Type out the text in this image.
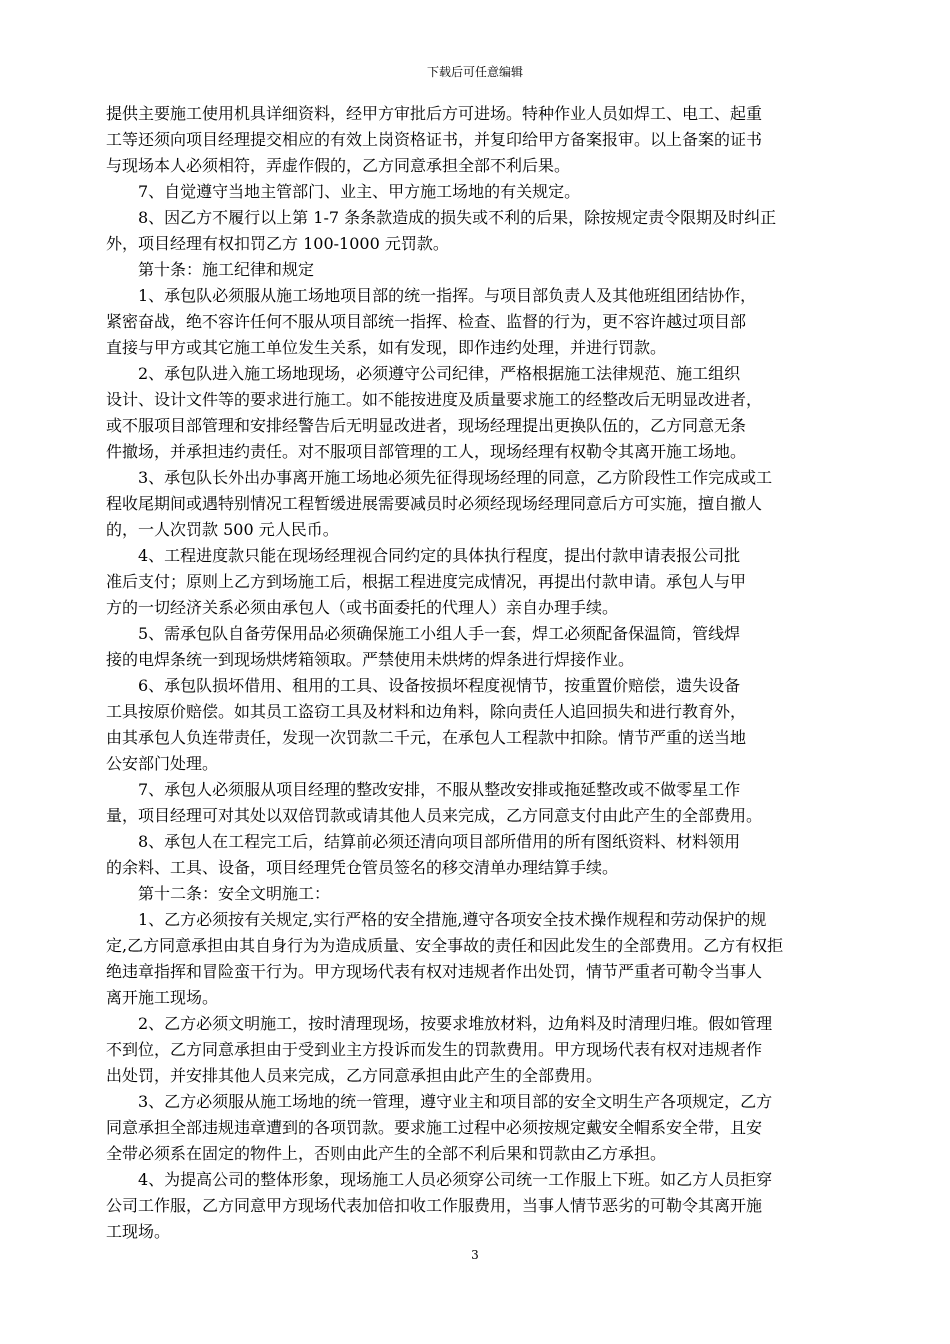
下载后可任意编辑
提供主要施工使用机具详细资料，经甲方审批后方可进场。特种作业人员如焊工、电工、起重
工等还须向项目经理提交相应的有效上岗资格证书，并复印给甲方备案报审。以上备案的证书
与现场本人必须相符，弄虚作假的，乙方同意承担全部不利后果。
　　7、自觉遵守当地主管部门、业主、甲方施工场地的有关规定。
　　8、因乙方不履行以上第 1-7 条条款造成的损失或不利的后果，除按规定责令限期及时纠正
外，项目经理有权扣罚乙方 100-1000 元罚款。
　　第十条：施工纪律和规定
　　1、承包队必须服从施工场地项目部的统一指挥。与项目部负责人及其他班组团结协作，
紧密奋战，绝不容许任何不服从项目部统一指挥、检查、监督的行为，更不容许越过项目部
直接与甲方或其它施工单位发生关系，如有发现，即作违约处理，并进行罚款。
　　2、承包队进入施工场地现场，必须遵守公司纪律，严格根据施工法律规范、施工组织
设计、设计文件等的要求进行施工。如不能按进度及质量要求施工的经整改后无明显改进者，
或不服项目部管理和安排经警告后无明显改进者，现场经理提出更换队伍的，乙方同意无条
件撤场，并承担违约责任。对不服项目部管理的工人，现场经理有权勒令其离开施工场地。
　　3、承包队长外出办事离开施工场地必须先征得现场经理的同意，乙方阶段性工作完成或工
程收尾期间或遇特别情况工程暂缓进展需要减员时必须经现场经理同意后方可实施，擅自撤人
的，一人次罚款 500 元人民币。
　　4、工程进度款只能在现场经理视合同约定的具体执行程度，提出付款申请表报公司批
准后支付；原则上乙方到场施工后，根据工程进度完成情况，再提出付款申请。承包人与甲
方的一切经济关系必须由承包人（或书面委托的代理人）亲自办理手续。
　　5、需承包队自备劳保用品必须确保施工小组人手一套，焊工必须配备保温筒，管线焊
接的电焊条统一到现场烘烤箱领取。严禁使用未烘烤的焊条进行焊接作业。
　　6、承包队损坏借用、租用的工具、设备按损坏程度视情节，按重置价赔偿，遗失设备
工具按原价赔偿。如其员工盗窃工具及材料和边角料，除向责任人追回损失和进行教育外，
由其承包人负连带责任，发现一次罚款二千元，在承包人工程款中扣除。情节严重的送当地
公安部门处理。
　　7、承包人必须服从项目经理的整改安排，不服从整改安排或拖延整改或不做零星工作
量，项目经理可对其处以双倍罚款或请其他人员来完成，乙方同意支付由此产生的全部费用。
　　8、承包人在工程完工后，结算前必须还清向项目部所借用的所有图纸资料、材料领用
的余料、工具、设备，项目经理凭仓管员签名的移交清单办理结算手续。
　　第十二条：安全文明施工：
　　1、乙方必须按有关规定,实行严格的安全措施,遵守各项安全技术操作规程和劳动保护的规
定,乙方同意承担由其自身行为为造成质量、安全事故的责任和因此发生的全部费用。乙方有权拒
绝违章指挥和冒险蛮干行为。甲方现场代表有权对违规者作出处罚，情节严重者可勒令当事人
离开施工现场。
　　2、乙方必须文明施工，按时清理现场，按要求堆放材料，边角料及时清理归堆。假如管理
不到位，乙方同意承担由于受到业主方投诉而发生的罚款费用。甲方现场代表有权对违规者作
出处罚，并安排其他人员来完成，乙方同意承担由此产生的全部费用。
　　3、乙方必须服从施工场地的统一管理，遵守业主和项目部的安全文明生产各项规定，乙方
同意承担全部违规违章遭到的各项罚款。要求施工过程中必须按规定戴安全帽系安全带，且安
全带必须系在固定的物件上，否则由此产生的全部不利后果和罚款由乙方承担。
　　4、为提高公司的整体形象，现场施工人员必须穿公司统一工作服上下班。如乙方人员拒穿
公司工作服，乙方同意甲方现场代表加倍扣收工作服费用，当事人情节恶劣的可勒令其离开施
工现场。
3
